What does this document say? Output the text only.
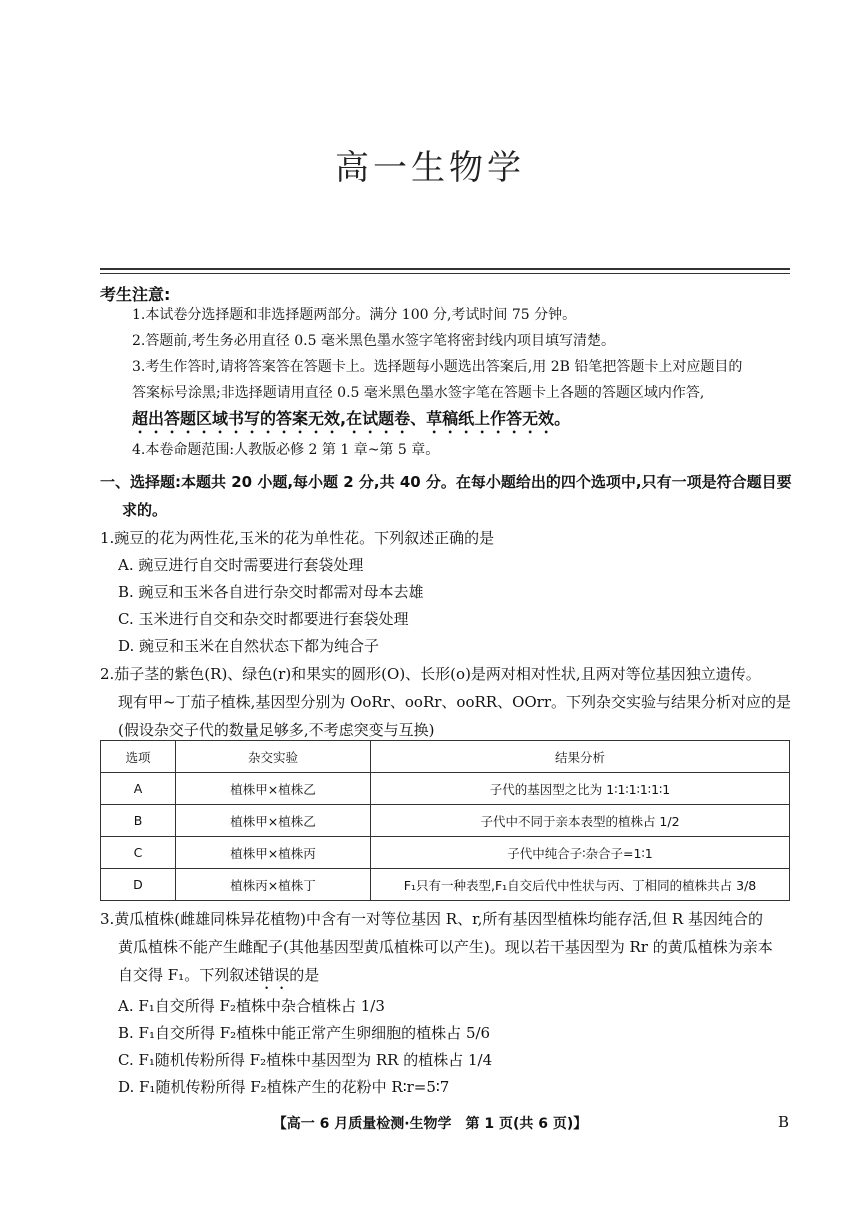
高一生物学
考生注意:
1.本试卷分选择题和非选择题两部分。满分 100 分,考试时间 75 分钟。
2.答题前,考生务必用直径 0.5 毫米黑色墨水签字笔将密封线内项目填写清楚。
3.考生作答时,请将答案答在答题卡上。选择题每小题选出答案后,用 2B 铅笔把答题卡上对应题目的
答案标号涂黑;非选择题请用直径 0.5 毫米黑色墨水签字笔在答题卡上各题的答题区域内作答,
超出答题区域书写的答案无效,在试题卷、草稿纸上作答无效。
4.本卷命题范围:人教版必修 2 第 1 章~第 5 章。
一、选择题:本题共 20 小题,每小题 2 分,共 40 分。在每小题给出的四个选项中,只有一项是符合题目要
求的。
1.豌豆的花为两性花,玉米的花为单性花。下列叙述正确的是
A. 豌豆进行自交时需要进行套袋处理
B. 豌豆和玉米各自进行杂交时都需对母本去雄
C. 玉米进行自交和杂交时都要进行套袋处理
D. 豌豆和玉米在自然状态下都为纯合子
2.茄子茎的紫色(R)、绿色(r)和果实的圆形(O)、长形(o)是两对相对性状,且两对等位基因独立遗传。
现有甲~丁茄子植株,基因型分别为 OoRr、ooRr、ooRR、OOrr。下列杂交实验与结果分析对应的是
(假设杂交子代的数量足够多,不考虑突变与互换)
选项	杂交实验	结果分析
A	植株甲×植株乙	子代的基因型之比为 1∶1∶1∶1∶1∶1
B	植株甲×植株乙	子代中不同于亲本表型的植株占 1/2
C	植株甲×植株丙	子代中纯合子∶杂合子=1∶1
D	植株丙×植株丁	F₁只有一种表型,F₁自交后代中性状与丙、丁相同的植株共占 3/8
3.黄瓜植株(雌雄同株异花植物)中含有一对等位基因 R、r,所有基因型植株均能存活,但 R 基因纯合的
黄瓜植株不能产生雌配子(其他基因型黄瓜植株可以产生)。现以若干基因型为 Rr 的黄瓜植株为亲本
自交得 F₁。下列叙述错误的是
A. F₁自交所得 F₂植株中杂合植株占 1/3
B. F₁自交所得 F₂植株中能正常产生卵细胞的植株占 5/6
C. F₁随机传粉所得 F₂植株中基因型为 RR 的植株占 1/4
D. F₁随机传粉所得 F₂植株产生的花粉中 R∶r=5∶7
【高一 6 月质量检测·生物学　第 1 页(共 6 页)】	B
